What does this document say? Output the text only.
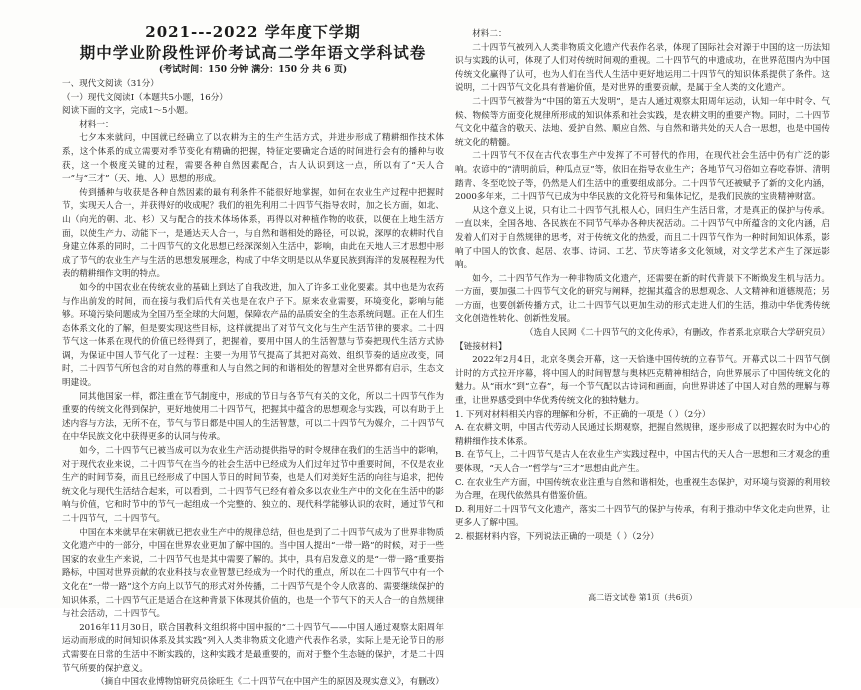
2021---2022 学年度下学期
期中学业阶段性评价考试高二学年语文学科试卷
(考试时间：150 分钟 满分：150 分 共 6 页)

一、现代文阅读（31分）

（一）现代文阅读Ⅰ（本题共5小题，16分）

阅读下面的文字，完成1～5小题。

材料一：

七夕本来就问，中国就已经确立了以农耕为主的生产生活方式，并进步形成了精耕细作技术体系，这个体系的成立需要对季节变化有精确的把握，特征定要确定合适的时间进行会有的播种与收获，这一个极度关键的过程，需要各种自然因素配合，古人认识到这一点，所以有了“天人合一”与“三才”（天、地、人）思想的形成。

传到播种与收获是各种自然因素的最有利条件不能很好地掌握，如何在农业生产过程中把握时节，实现天人合一，并获得好的收成呢？我们的祖先利用二十四节气指导农时，加之长方面，如北、山（向光的朝、北、杉）又与配合的技术体场体系，再得以对种植作物的收获，以便在上地生活方面，以使生产力、动能下一，是通达天人合一，与自然和谐相处的路径，可以说，深厚的农耕时代自身建立体系的同时，二十四节气的文化思想已经深深刻入生活中，影响，由此在天地人三才思想中形成了节气的农业生产与生活的思想发展理念，构成了中华文明是以从华夏民族到海洋的发展程程为代表的精耕细作文明的特点。

如今的中国农业在传统农业的基础上到达了自我改进，加入了许多工业化要素。其中也是为农药与作出前发的时间，而在接与我们后代有关也是在农户子下。原来农业需要，环境变化，影响与能够。环境污染问题成为全国乃至全球的大问题，保障农产品的品质安全的生态系统问题。正在人们生态体系文化的了解，但是要实现这些目标，这样就提出了对节气文化与生产生活节律的要求。二十四节气这一体系在现代的价值已经得到了，把握着，要用中国人的生活智慧与节奏把现代生活方式协调，为保证中国人节气化了一过程：主要一为用节气提高了其把对高效、组织节奏的适应改变，同时，二十四节气所包含的对自然的尊重和人与自然之间的和谐相处的智慧对全世界都有启示，生态文明建设。

同其他国家一样，都注重在节气制度中，形成的节日与各节气有关的文化，所以二十四节气作为重要的传统文化得到保护，更好地使用二十四节气，把握其中蕴含的思想观念与实践，可以有助于上述内容与方法，无所不在，节气与节日都是中国人的生活智慧，可以二十四节气为媒介，二十四节气在中华民族文化中获得更多的认同与传承。

如今，二十四节气已被当成可以为农业生产活动提供指导的时令规律在我们的生活当中的影响，对于现代农业来说，二十四节气在当今的社会生活中已经成为人们过年过节中重要时间，不仅是农业生产的时间节奏，而且已经形成了中国人节日的时间节奏，也是人们对美好生活的向往与追求，把传统文化与现代生活结合起来，可以看到，二十四节气已经有着众多以农业生产中的文化在生活中的影响与价值，它和时节中的节气一起组成一个完整的、独立的、现代科学能够认识的农时，通过节气和二十四节气，二十四节气。

中国在本来就早在宋朝就已把农业生产中的规律总结，但也是到了二十四节气成为了世界非物质文化遗产中的一部分，中国在世界农业更加了解中国的。当中国人提出“一带一路”的时候，对于一些国家的农业生产来说，二十四节气也是其中需要了解的。其中，具有启发意义的是“一带一路”重要指路标，中国对世界贡献的农业科技与农业智慧已经成为一个时代的重点，所以在二十四节气中有一个文化在“一带一路”这个方向上以节气的形式对外传播，二十四节气是个令人欣喜的、需要继续保护的知识体系，二十四节气正是适合在这种背景下体现其价值的，也是一个节气下的天人合一的自然规律与社会活动，二十四节气。

2016年11月30日，联合国教科文组织将中国申报的“二十四节气——中国人通过观察太阳周年运动而形成的时间知识体系及其实践”列入人类非物质文化遗产代表作名录，实际上是无论节日的形式需要在日常的生活中不断实践的，这种实践才是最重要的，而对于整个生态链的保护，才是二十四节气所要的保护意义。

（摘自中国农业博物馆研究员徐旺生《二十四节气在中国产生的原因及现实意义》，有删改）

材料二：

二十四节气被列入人类非物质文化遗产代表作名录，体现了国际社会对源于中国的这一历法知识与实践的认可，体现了人们对传统时间观的重视。二十四节气的申遗成功，在世界范围内为中国传统文化赢得了认可，也为人们在当代人生活中更好地运用二十四节气的知识体系提供了条件。这说明，二十四节气文化具有普遍价值，是对世界的重要贡献，是属于全人类的文化遗产。

二十四节气被誉为“中国的第五大发明”，是古人通过观察太阳周年运动，认知一年中时令、气候、物候等方面变化规律所形成的知识体系和社会实践，是农耕文明的重要产物。同时，二十四节气文化中蕴含的敬天、法地、爱护自然、顺应自然、与自然和谐共处的天人合一思想，也是中国传统文化的精髓。

二十四节气不仅在古代农事生产中发挥了不可替代的作用，在现代社会生活中仍有广泛的影响。农谚中的“清明前后，种瓜点豆”等，依旧在指导农业生产；各地节气习俗如立春吃春饼、清明踏青、冬至吃饺子等，仍然是人们生活中的重要组成部分。二十四节气还被赋予了新的文化内涵，2000多年来，二十四节气已成为中华民族的文化符号和集体记忆，是我们民族的宝贵精神财富。

从这个意义上说，只有让二十四节气扎根人心，回归生产生活日常，才是真正的保护与传承。一直以来，全国各地、各民族在不同节气举办各种庆祝活动。二十四节气中所蕴含的文化内涵，启发着人们对于自然规律的思考，对于传统文化的热爱，而且二十四节气作为一种时间知识体系，影响了中国人的饮食、起居、农事、诗词、工艺、节庆等诸多文化领域，对文学艺术产生了深远影响。

如今，二十四节气作为一种非物质文化遗产，还需要在新的时代背景下不断焕发生机与活力。一方面，要加强二十四节气文化的研究与阐释，挖掘其蕴含的思想观念、人文精神和道德规范；另一方面，也要创新传播方式，让二十四节气以更加生动的形式走进人们的生活，推动中华优秀传统文化创造性转化、创新性发展。

（选自人民网《二十四节气的文化传承》，有删改，作者系北京联合大学研究员）

【链接材料】

2022年2月4日，北京冬奥会开幕，这一天恰逢中国传统的立春节气。开幕式以二十四节气倒计时的方式拉开序幕，将中国人的时间智慧与奥林匹克精神相结合，向世界展示了中国传统文化的魅力。从“雨水”到“立春”，每一个节气配以古诗词和画面，向世界讲述了中国人对自然的理解与尊重，让世界感受到中华优秀传统文化的独特魅力。

1. 下列对材料相关内容的理解和分析，不正确的一项是（ ）（2分）

A. 在农耕文明，中国古代劳动人民通过长期观察，把握自然规律，逐步形成了以把握农时为中心的精耕细作技术体系。

B. 在节气上，二十四节气是古人在农业生产实践过程中，中国古代的天人合一思想和三才观念的重要体现，“天人合一”哲学与“三才”思想由此产生。

C. 在农业生产方面，中国传统农业注重与自然和谐相处，也重视生态保护，对环境与资源的利用较为合理，在现代依然具有借鉴价值。

D. 利用好二十四节气文化遗产，落实二十四节气的保护与传承，有利于推动中华文化走向世界，让更多人了解中国。

2. 根据材料内容，下列说法正确的一项是（ ）（2分）

高二语文试卷 第1页（共6页）
